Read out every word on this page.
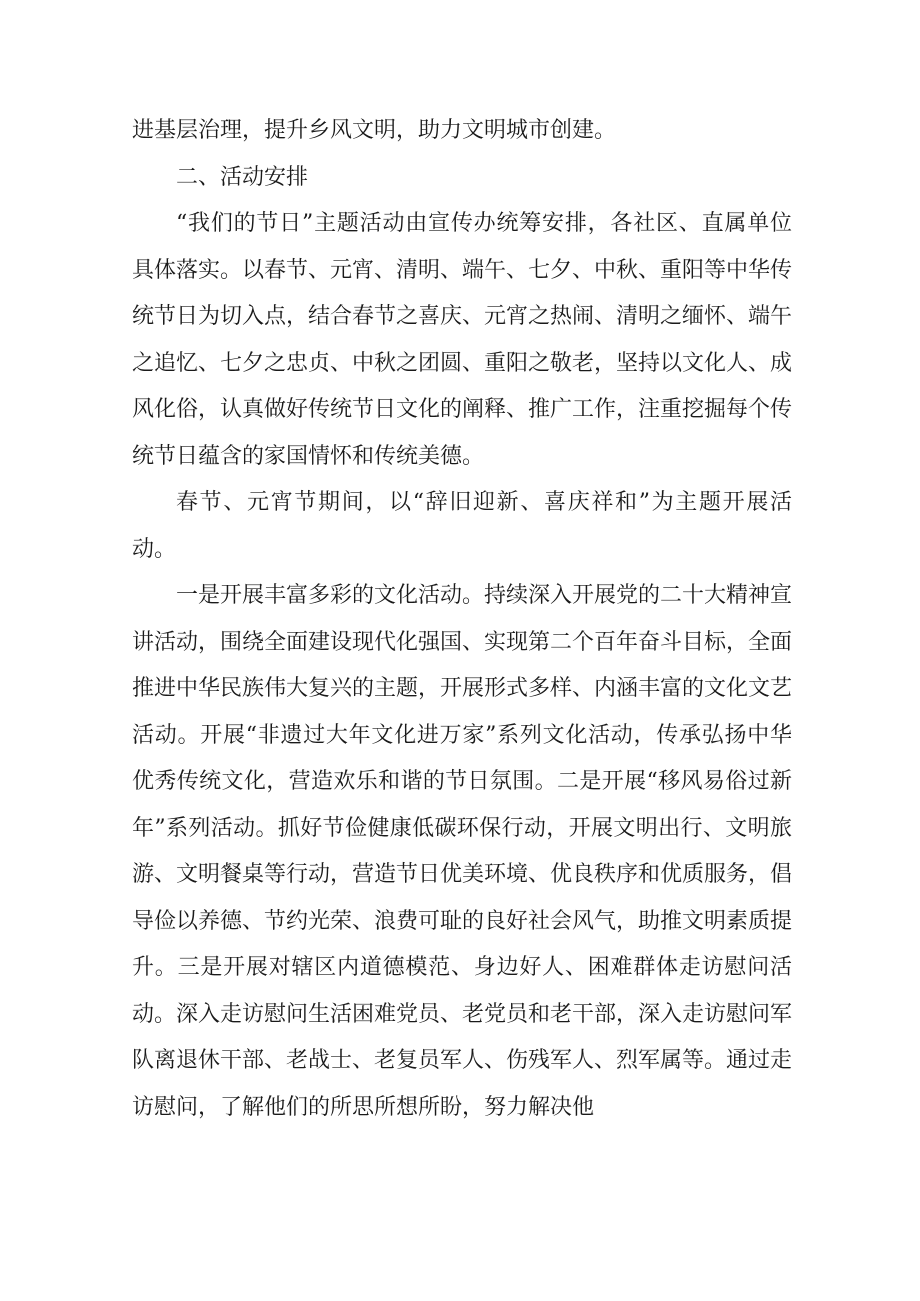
进基层治理，提升乡风文明，助力文明城市创建。

二、活动安排

“我们的节日”主题活动由宣传办统筹安排，各社区、直属单位具体落实。以春节、元宵、清明、端午、七夕、中秋、重阳等中华传统节日为切入点，结合春节之喜庆、元宵之热闹、清明之缅怀、端午之追忆、七夕之忠贞、中秋之团圆、重阳之敬老，坚持以文化人、成风化俗，认真做好传统节日文化的阐释、推广工作，注重挖掘每个传统节日蕴含的家国情怀和传统美德。

春节、元宵节期间，以“辞旧迎新、喜庆祥和”为主题开展活动。

一是开展丰富多彩的文化活动。持续深入开展党的二十大精神宣讲活动，围绕全面建设现代化强国、实现第二个百年奋斗目标，全面推进中华民族伟大复兴的主题，开展形式多样、内涵丰富的文化文艺活动。开展“非遗过大年文化进万家”系列文化活动，传承弘扬中华优秀传统文化，营造欢乐和谐的节日氛围。二是开展“移风易俗过新年”系列活动。抓好节俭健康低碳环保行动，开展文明出行、文明旅游、文明餐桌等行动，营造节日优美环境、优良秩序和优质服务，倡导俭以养德、节约光荣、浪费可耻的良好社会风气，助推文明素质提升。三是开展对辖区内道德模范、身边好人、困难群体走访慰问活动。深入走访慰问生活困难党员、老党员和老干部，深入走访慰问军队离退休干部、老战士、老复员军人、伤残军人、烈军属等。通过走访慰问，了解他们的所思所想所盼，努力解决他
